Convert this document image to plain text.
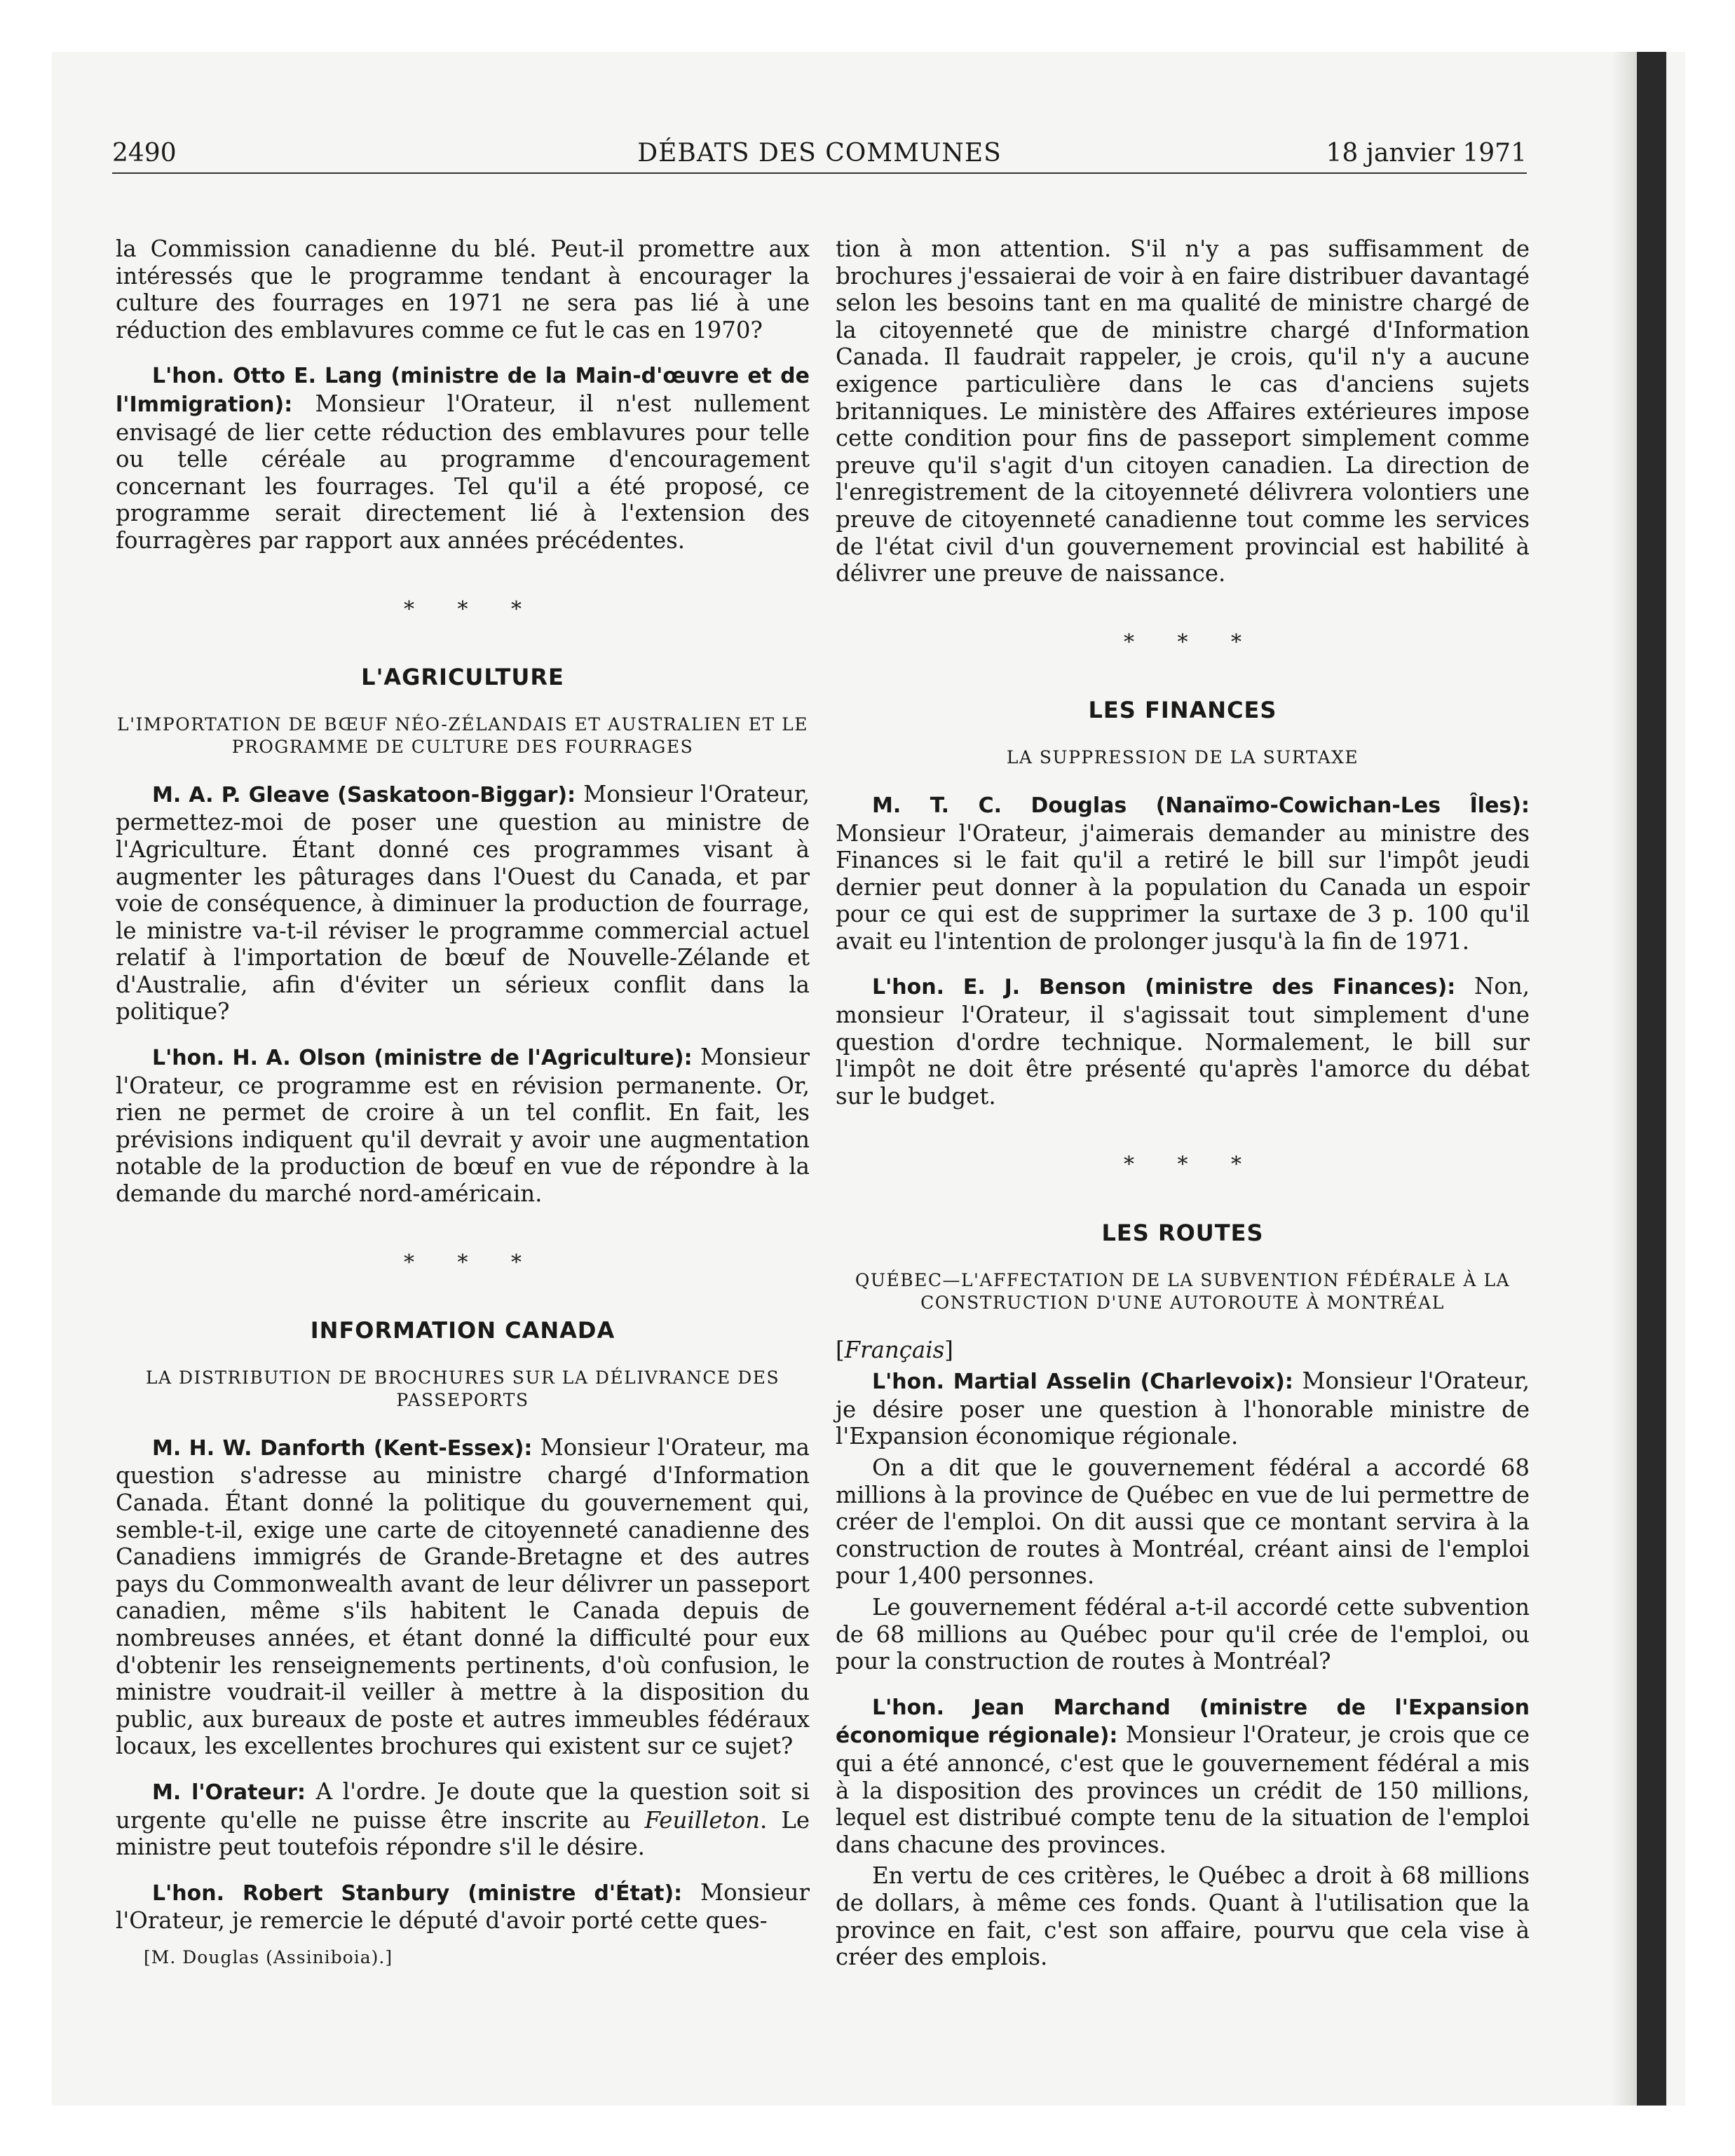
2490	DÉBATS DES COMMUNES	18 janvier 1971

la Commission canadienne du blé. Peut-il promettre aux intéressés que le programme tendant à encourager la culture des fourrages en 1971 ne sera pas lié à une réduction des emblavures comme ce fut le cas en 1970?

L'hon. Otto E. Lang (ministre de la Main-d'œuvre et de l'Immigration): Monsieur l'Orateur, il n'est nullement envisagé de lier cette réduction des emblavures pour telle ou telle céréale au programme d'encouragement concernant les fourrages. Tel qu'il a été proposé, ce programme serait directement lié à l'extension des fourragères par rapport aux années précédentes.

* * *
L'AGRICULTURE
L'IMPORTATION DE BŒUF NÉO-ZÉLANDAIS ET AUSTRALIEN ET LE PROGRAMME DE CULTURE DES FOURRAGES

M. A. P. Gleave (Saskatoon-Biggar): Monsieur l'Orateur, permettez-moi de poser une question au ministre de l'Agriculture. Étant donné ces programmes visant à augmenter les pâturages dans l'Ouest du Canada, et par voie de conséquence, à diminuer la production de fourrage, le ministre va-t-il réviser le programme commercial actuel relatif à l'importation de bœuf de Nouvelle-Zélande et d'Australie, afin d'éviter un sérieux conflit dans la politique?

L'hon. H. A. Olson (ministre de l'Agriculture): Monsieur l'Orateur, ce programme est en révision permanente. Or, rien ne permet de croire à un tel conflit. En fait, les prévisions indiquent qu'il devrait y avoir une augmentation notable de la production de bœuf en vue de répondre à la demande du marché nord-américain.

* * *
INFORMATION CANADA
LA DISTRIBUTION DE BROCHURES SUR LA DÉLIVRANCE DES PASSEPORTS

M. H. W. Danforth (Kent-Essex): Monsieur l'Orateur, ma question s'adresse au ministre chargé d'Information Canada. Étant donné la politique du gouvernement qui, semble-t-il, exige une carte de citoyenneté canadienne des Canadiens immigrés de Grande-Bretagne et des autres pays du Commonwealth avant de leur délivrer un passeport canadien, même s'ils habitent le Canada depuis de nombreuses années, et étant donné la difficulté pour eux d'obtenir les renseignements pertinents, d'où confusion, le ministre voudrait-il veiller à mettre à la disposition du public, aux bureaux de poste et autres immeubles fédéraux locaux, les excellentes brochures qui existent sur ce sujet?

M. l'Orateur: A l'ordre. Je doute que la question soit si urgente qu'elle ne puisse être inscrite au Feuilleton. Le ministre peut toutefois répondre s'il le désire.

L'hon. Robert Stanbury (ministre d'État): Monsieur l'Orateur, je remercie le député d'avoir porté cette ques-

[M. Douglas (Assiniboia).]

tion à mon attention. S'il n'y a pas suffisamment de brochures j'essaierai de voir à en faire distribuer davantagé selon les besoins tant en ma qualité de ministre chargé de la citoyenneté que de ministre chargé d'Information Canada. Il faudrait rappeler, je crois, qu'il n'y a aucune exigence particulière dans le cas d'anciens sujets britanniques. Le ministère des Affaires extérieures impose cette condition pour fins de passeport simplement comme preuve qu'il s'agit d'un citoyen canadien. La direction de l'enregistrement de la citoyenneté délivrera volontiers une preuve de citoyenneté canadienne tout comme les services de l'état civil d'un gouvernement provincial est habilité à délivrer une preuve de naissance.

* * *
LES FINANCES
LA SUPPRESSION DE LA SURTAXE

M. T. C. Douglas (Nanaïmo-Cowichan-Les Îles): Monsieur l'Orateur, j'aimerais demander au ministre des Finances si le fait qu'il a retiré le bill sur l'impôt jeudi dernier peut donner à la population du Canada un espoir pour ce qui est de supprimer la surtaxe de 3 p. 100 qu'il avait eu l'intention de prolonger jusqu'à la fin de 1971.

L'hon. E. J. Benson (ministre des Finances): Non, monsieur l'Orateur, il s'agissait tout simplement d'une question d'ordre technique. Normalement, le bill sur l'impôt ne doit être présenté qu'après l'amorce du débat sur le budget.

* * *
LES ROUTES
QUÉBEC—L'AFFECTATION DE LA SUBVENTION FÉDÉRALE À LA CONSTRUCTION D'UNE AUTOROUTE À MONTRÉAL
[Français]

L'hon. Martial Asselin (Charlevoix): Monsieur l'Orateur, je désire poser une question à l'honorable ministre de l'Expansion économique régionale.

On a dit que le gouvernement fédéral a accordé 68 millions à la province de Québec en vue de lui permettre de créer de l'emploi. On dit aussi que ce montant servira à la construction de routes à Montréal, créant ainsi de l'emploi pour 1,400 personnes.

Le gouvernement fédéral a-t-il accordé cette subvention de 68 millions au Québec pour qu'il crée de l'emploi, ou pour la construction de routes à Montréal?

L'hon. Jean Marchand (ministre de l'Expansion économique régionale): Monsieur l'Orateur, je crois que ce qui a été annoncé, c'est que le gouvernement fédéral a mis à la disposition des provinces un crédit de 150 millions, lequel est distribué compte tenu de la situation de l'emploi dans chacune des provinces.

En vertu de ces critères, le Québec a droit à 68 millions de dollars, à même ces fonds. Quant à l'utilisation que la province en fait, c'est son affaire, pourvu que cela vise à créer des emplois.
